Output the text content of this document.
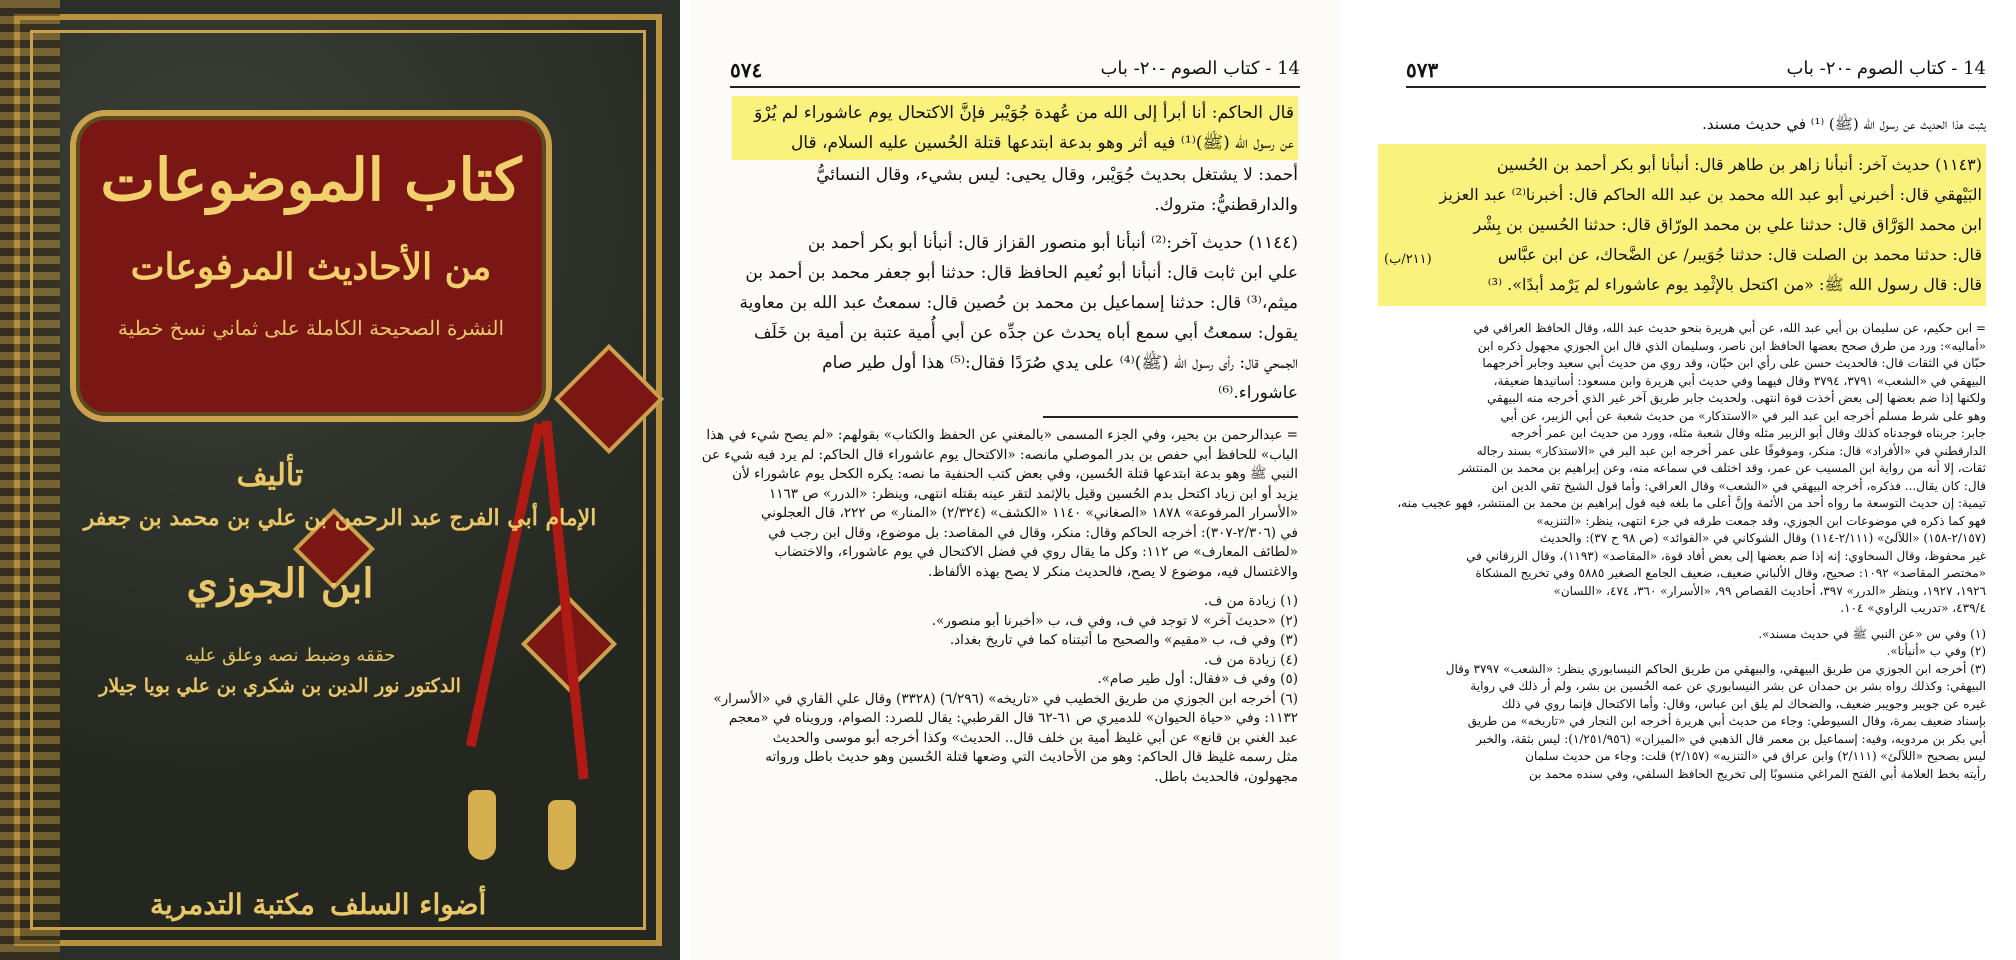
كتاب الموضوعات
من الأحاديث المرفوعات
النشرة الصحيحة الكاملة على ثماني نسخ خطية
تأليف
الإمام أبي الفرج عبد الرحمن بن علي بن محمد بن جعفر
ابن الجوزي
حققه وضبط نصه وعلق عليه
الدكتور نور الدين بن شكري بن علي بويا جيلار
أضواء السلف
مكتبة التدمرية
14 - كتاب الصوم -٢٠- باب
٥٧٤
قال الحاكم: أنا أبرأ إلى الله من عُهدة جُوَيْبر فإنَّ الاكتحال يوم عاشوراء لم يُرْوَ
عن رسول الله (ﷺ)⁽¹⁾ فيه أثر وهو بدعة ابتدعها قتلة الحُسين عليه السلام، قال
أحمد: لا يشتغل بحديث جُوَيْبر، وقال يحيى: ليس بشيء، وقال النسائيُّ
والدارقطنيُّ: متروك.
(١١٤٤) حديث آخر:⁽²⁾ أنبأنا أبو منصور القزاز قال: أنبأنا أبو بكر أحمد بن
علي ابن ثابت قال: أنبأنا أبو نُعيم الحافظ قال: حدثنا أبو جعفر محمد بن أحمد بن
ميثم،⁽³⁾ قال: حدثنا إسماعيل بن محمد بن حُصين قال: سمعتُ عبد الله بن معاوية
يقول: سمعتُ أبي سمع أباه يحدث عن جدِّه عن أبي أُمية عتبة بن أمية بن خَلَف
الجمحي قال: رأى رسول الله (ﷺ)⁽⁴⁾ على يدي صُرَدًا فقال:⁽⁵⁾ هذا أول طير صام
عاشوراء.⁽⁶⁾
= عبدالرحمن بن بحير، وفي الجزء المسمى «بالمغني عن الحفظ والكتاب» بقولهم: «لم يصح شيء في هذا
الباب» للحافظ أبي حفص بن بدر الموصلي مانصه: «الاكتحال يوم عاشوراء قال الحاكم: لم يرد فيه شيء عن
النبي ﷺ وهو بدعة ابتدعها قتلة الحُسين، وفي بعض كتب الحنفية ما نصه: يكره الكحل يوم عاشوراء لأن
يزيد أو ابن زياد اكتحل بدم الحُسين وقيل بالإثمد لتقر عينه بقتله انتهى، وينظر: «الدرر» ص ١١٦٣
«الأسرار المرفوعة» ١٨٧٨ «الصغاني» ١١٤٠ «الكشف» (٢/٣٢٤) «المنار» ص ٢٢٢، قال العجلوني
في (٢/٣٠٦-٣٠٧): أخرجه الحاكم وقال: منكر، وقال في المقاصد: بل موضوع، وقال ابن رجب في
«لطائف المعارف» ص ١١٢: وكل ما يقال روي في فضل الاكتحال في يوم عاشوراء، والاختضاب
والاغتسال فيه، موضوع لا يصح، فالحديث منكر لا يصح بهذه الألفاظ.
(١) زيادة من ف.
(٢) «حديث آخر» لا توجد في ف، وفي ف، ب «أخبرنا أبو منصور».
(٣) وفي ف، ب «مقيم» والصحيح ما أثبتناه كما في تاريخ بغداد.
(٤) زيادة من ف.
(٥) وفي ف «فقال: أول طير صام».
(٦) أخرجه ابن الجوزي من طريق الخطيب في «تاريخه» (٦/٢٩٦) (٣٣٢٨) وقال علي القاري في «الأسرار»
١١٣٢: وفي «حياة الحيوان» للدميري ص ٦١-٦٢ قال القرطبي: يقال للصرد: الصوام، ورويناه في «معجم
عبد الغني بن قانع» عن أبي غليظ أمية بن خلف قال.. الحديث» وكذا أخرجه أبو موسى والحديث
مثل رسمه غليظ قال الحاكم: وهو من الأحاديث التي وضعها قتلة الحُسين وهو حديث باطل ورواته
مجهولون، فالحديث باطل.
14 - كتاب الصوم -٢٠- باب
٥٧٣
يثبت هذا الحديث عن رسول الله (ﷺ) ⁽¹⁾ في حديث مسند.
(١١٤٣) حديث آخر: أنبأنا زاهر بن طاهر قال: أنبأنا أبو بكر أحمد بن الحُسين
البَيْهقي قال: أخبرني أبو عبد الله محمد بن عبد الله الحاكم قال: أخبرنا⁽²⁾ عبد العزيز
ابن محمد الوَرَّاق قال: حدثنا علي بن محمد الورّاق قال: حدثنا الحُسين بن بِشْر
قال: حدثنا محمد بن الصلت قال: حدثنا جُوَيبر/ عن الضَّحاك، عن ابن عبَّاس
قال: قال رسول الله ﷺ: «من اكتحل بالإثْمِد يوم عاشوراء لم يَرْمد أبدًا». ⁽³⁾
(٢١١/ب)
= ابن حكيم، عن سليمان بن أبي عبد الله، عن أبي هريرة بنحو حديث عبد الله، وقال الحافظ العراقي في
«أماليه»: ورد من طرق صحح بعضها الحافظ ابن ناصر، وسليمان الذي قال ابن الجوزي مجهول ذكره ابن
حبّان في الثقات قال: فالحديث حسن على رأي ابن حبّان، وقد روي من حديث أبي سعيد وجابر أخرجهما
البيهقي في «الشعب» ٣٧٩١، ٣٧٩٤ وقال فيهما وفي حديث أبي هريرة وابن مسعود: أسانيدها ضعيفة،
ولكنها إذا ضم بعضها إلى بعض أخذت قوة انتهى. ولحديث جابر طريق آخر غير الذي أخرجه منه البيهقي
وهو على شرط مسلم أخرجه ابن عبد البر في «الاستذكار» من حديث شعبة عن أبي الزبير، عن أبي
جابر: جربناه فوجدناه كذلك وقال أبو الزبير مثله وقال شعبة مثله، وورد من حديث ابن عمر أخرجه
الدارقطني في «الأفراد» قال: منكر، وموقوفًا على عمر أخرجه ابن عبد البر في «الاستذكار» بسند رجاله
ثقات، إلا أنه من رواية ابن المسيب عن عمر، وقد اختلف في سماعه منه، وعن إبراهيم بن محمد بن المنتشر
قال: كان يقال... فذكره، أخرجه البيهقي في «الشعب» وقال العراقي: وأما قول الشيخ تقي الدين ابن
تيمية: إن حديث التوسعة ما رواه أحد من الأئمة وإنَّ أعلى ما بلغه فيه قول إبراهيم بن محمد بن المنتشر، فهو عجيب منه،
فهو كما ذكره في موضوعات ابن الجوزي، وقد جمعت طرقه في جزء انتهى، ينظر: «التنزيه»
(٢/١٥٧-١٥٨) «اللآلئ» (٢/١١١-١١٤) وقال الشوكاني في «الفوائد» (ص ٩٨ ح ٣٧): والحديث
غير محفوظ، وقال السخاوي: إنه إذا ضم بعضها إلى بعض أفاد قوة، «المقاصد» (١١٩٣)، وقال الزرقاني في
«مختصر المقاصد» ١٠٩٢: صحيح، وقال الألباني ضعيف، ضعيف الجامع الصغير ٥٨٨٥ وفي تخريج المشكاة
١٩٢٦، ١٩٢٧، وينظر «الدرر» ٣٩٧، أحاديث القصاص ٩٩، «الأسرار» ٣٦٠، ٤٧٤، «اللسان»
٤٣٩/٤، «تدريب الراوي» ١٠٤.
(١) وفي س «عن النبي ﷺ في حديث مسند».
(٢) وفي ب «أنبأنا».
(٣) أخرجه ابن الجوزي من طريق البيهقي، والبيهقي من طريق الحاكم النيسابوري ينظر: «الشعب» ٣٧٩٧ وقال
البيهقي: وكذلك رواه بشر بن حمدان عن بشر النيسابوري عن عمه الحُسين بن بشر، ولم أر ذلك في رواية
غيره عن جويبر وجويبر ضعيف، والضحاك لم يلق ابن عباس، وقال: وأما الاكتحال فإنما روي في ذلك
بإسناد ضعيف بمرة، وقال السيوطي: وجاء من حديث أبي هريرة أخرجه ابن النجار في «تاريخه» من طريق
أبي بكر بن مردويه، وفيه: إسماعيل بن معمر قال الذهبي في «الميزان» (١/٢٥١/٩٥٦): ليس بثقة، والخبر
ليس بصحيح «اللآلئ» (٢/١١١) وابن عراق في «التنزيه» (٢/١٥٧) قلت: وجاء من حديث سلمان
رأيته بخط العلامة أبي الفتح المراغي منسوبًا إلى تخريج الحافظ السلفي، وفي سنده محمد بن
